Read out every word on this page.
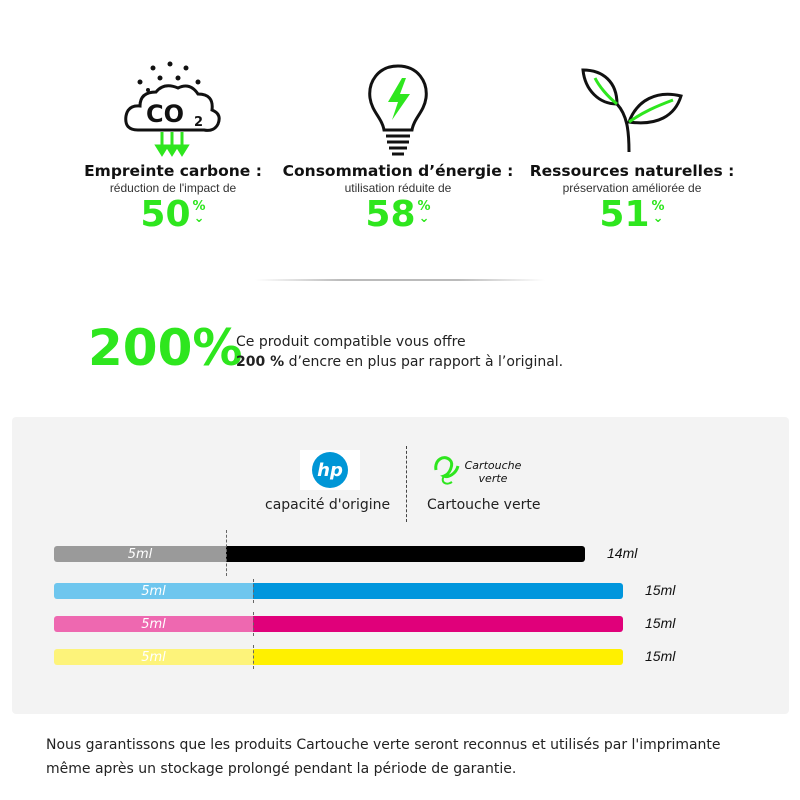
CO 2
Empreinte carbone :
réduction de l'impact de
50 %
⌄
Consommation d’énergie :
utilisation réduite de
58 %
⌄
Ressources naturelles :
préservation améliorée de
51 %
⌄
200%
Ce produit compatible vous offre
200 % d’encre en plus par rapport à l’original.
hp	Cartouche verte
capacité d'origine	Cartouche verte
5ml	14ml
5ml	15ml
5ml	15ml
5ml	15ml
Nous garantissons que les produits Cartouche verte seront reconnus et utilisés par l'imprimante
même après un stockage prolongé pendant la période de garantie.
